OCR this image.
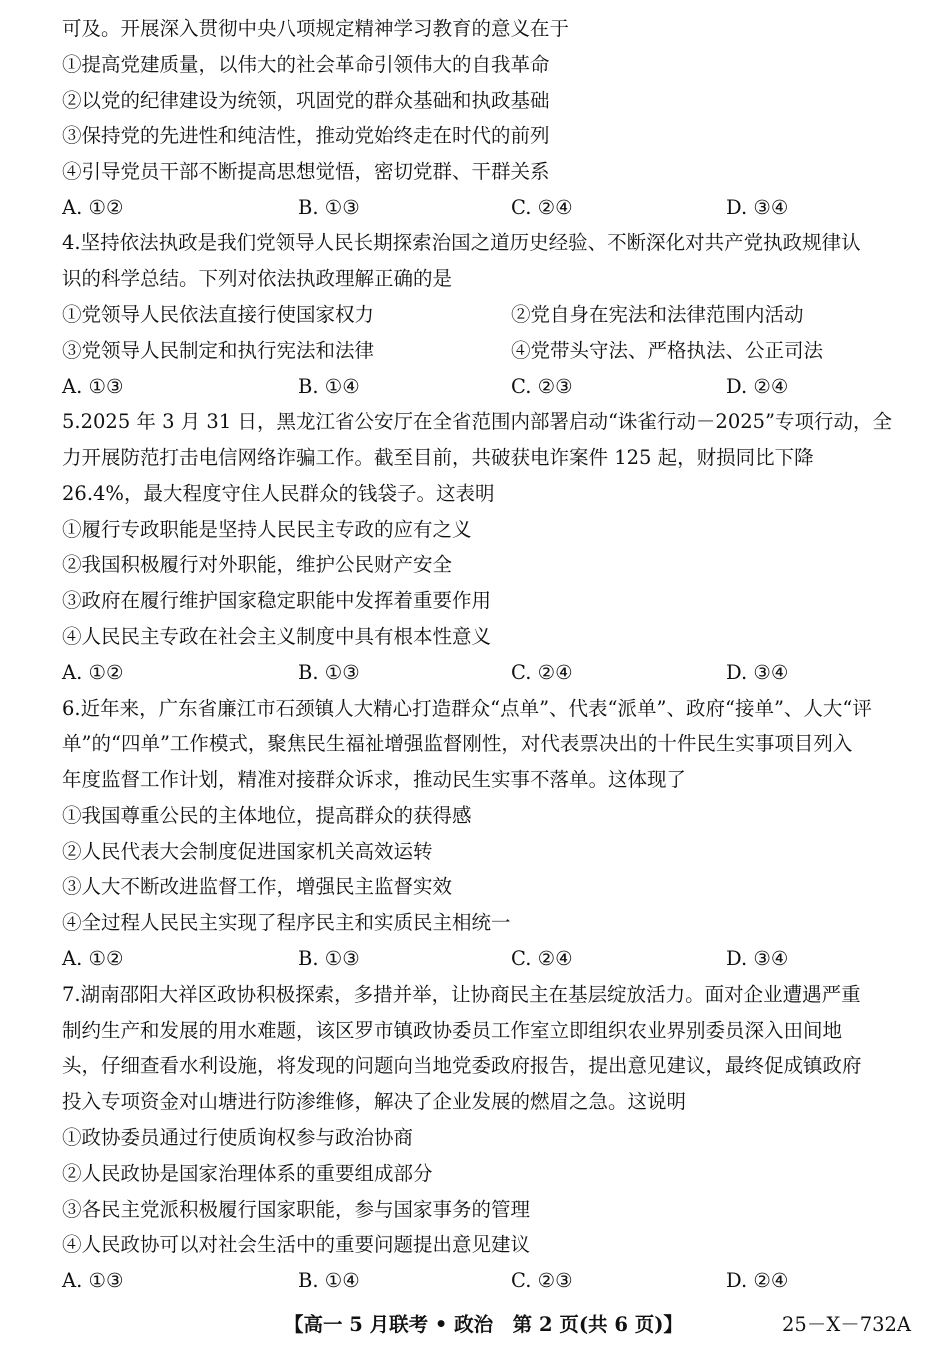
可及。开展深入贯彻中央八项规定精神学习教育的意义在于
①提高党建质量，以伟大的社会革命引领伟大的自我革命
②以党的纪律建设为统领，巩固党的群众基础和执政基础
③保持党的先进性和纯洁性，推动党始终走在时代的前列
④引导党员干部不断提高思想觉悟，密切党群、干群关系
A. ①②	B. ①③	C. ②④	D. ③④
4.坚持依法执政是我们党领导人民长期探索治国之道历史经验、不断深化对共产党执政规律认
识的科学总结。下列对依法执政理解正确的是
①党领导人民依法直接行使国家权力	②党自身在宪法和法律范围内活动
③党领导人民制定和执行宪法和法律	④党带头守法、严格执法、公正司法
A. ①③	B. ①④	C. ②③	D. ②④
5.2025 年 3 月 31 日，黑龙江省公安厅在全省范围内部署启动“诛雀行动－2025”专项行动，全
力开展防范打击电信网络诈骗工作。截至目前，共破获电诈案件 125 起，财损同比下降
26.4%，最大程度守住人民群众的钱袋子。这表明
①履行专政职能是坚持人民民主专政的应有之义
②我国积极履行对外职能，维护公民财产安全
③政府在履行维护国家稳定职能中发挥着重要作用
④人民民主专政在社会主义制度中具有根本性意义
A. ①②	B. ①③	C. ②④	D. ③④
6.近年来，广东省廉江市石颈镇人大精心打造群众“点单”、代表“派单”、政府“接单”、人大“评
单”的“四单”工作模式，聚焦民生福祉增强监督刚性，对代表票决出的十件民生实事项目列入
年度监督工作计划，精准对接群众诉求，推动民生实事不落单。这体现了
①我国尊重公民的主体地位，提高群众的获得感
②人民代表大会制度促进国家机关高效运转
③人大不断改进监督工作，增强民主监督实效
④全过程人民民主实现了程序民主和实质民主相统一
A. ①②	B. ①③	C. ②④	D. ③④
7.湖南邵阳大祥区政协积极探索，多措并举，让协商民主在基层绽放活力。面对企业遭遇严重
制约生产和发展的用水难题，该区罗市镇政协委员工作室立即组织农业界别委员深入田间地
头，仔细查看水利设施，将发现的问题向当地党委政府报告，提出意见建议，最终促成镇政府
投入专项资金对山塘进行防渗维修，解决了企业发展的燃眉之急。这说明
①政协委员通过行使质询权参与政治协商
②人民政协是国家治理体系的重要组成部分
③各民主党派积极履行国家职能，参与国家事务的管理
④人民政协可以对社会生活中的重要问题提出意见建议
A. ①③	B. ①④	C. ②③	D. ②④
【高一 5 月联考 • 政治　第 2 页(共 6 页)】	25－X－732A
